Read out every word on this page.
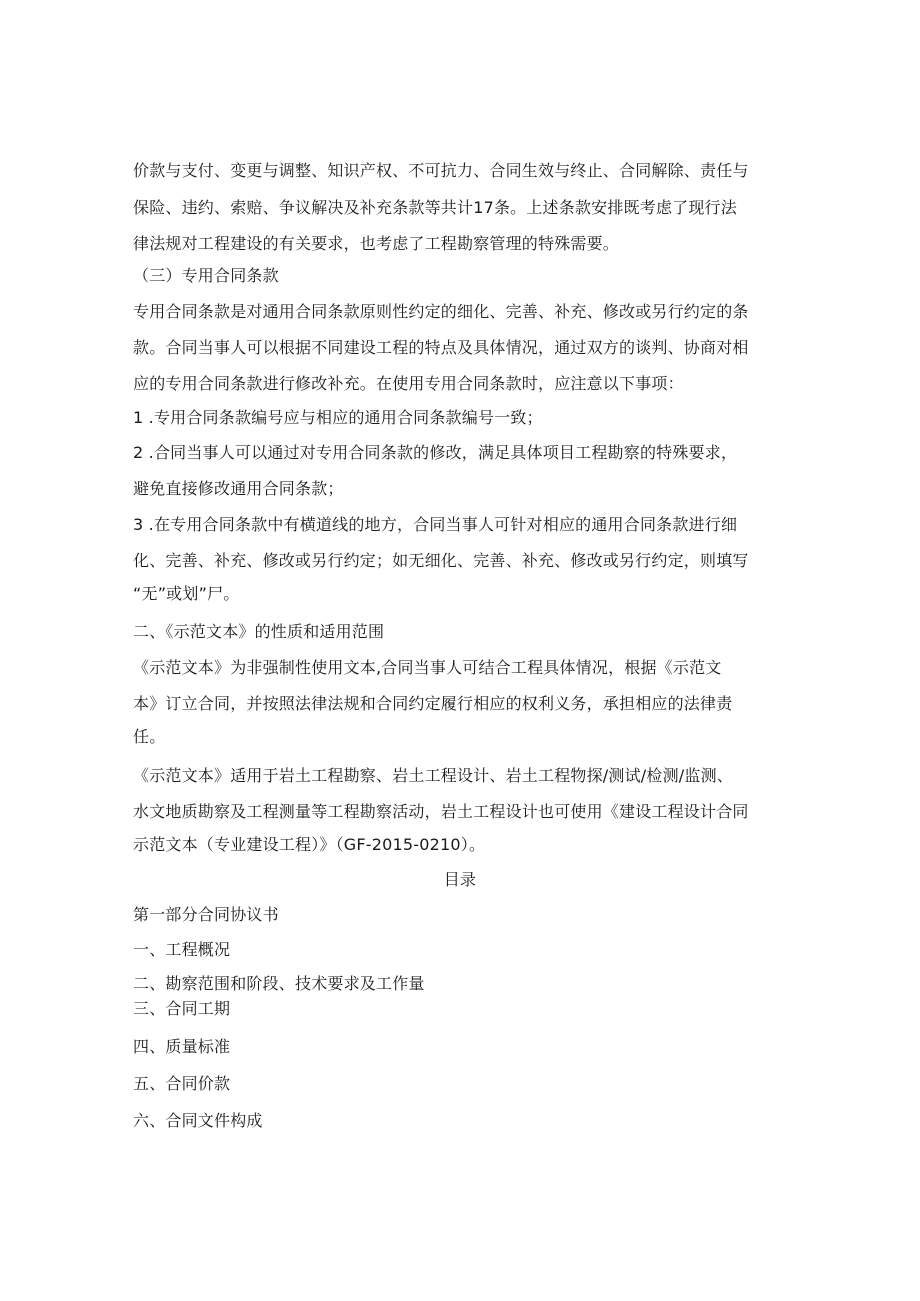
价款与支付、变更与调整、知识产权、不可抗力、合同生效与终止、合同解除、责任与
保险、违约、索赔、争议解决及补充条款等共计17条。上述条款安排既考虑了现行法
律法规对工程建设的有关要求，也考虑了工程勘察管理的特殊需要。
（三）专用合同条款
专用合同条款是对通用合同条款原则性约定的细化、完善、补充、修改或另行约定的条
款。合同当事人可以根据不同建设工程的特点及具体情况，通过双方的谈判、协商对相
应的专用合同条款进行修改补充。在使用专用合同条款时，应注意以下事项：
1 .专用合同条款编号应与相应的通用合同条款编号一致；
2 .合同当事人可以通过对专用合同条款的修改，满足具体项目工程勘察的特殊要求，
避免直接修改通用合同条款；
3 .在专用合同条款中有横道线的地方，合同当事人可针对相应的通用合同条款进行细
化、完善、补充、修改或另行约定；如无细化、完善、补充、修改或另行约定，则填写
“无”或划”尸。
二、《示范文本》的性质和适用范围
《示范文本》为非强制性使用文本,合同当事人可结合工程具体情况，根据《示范文
本》订立合同，并按照法律法规和合同约定履行相应的权利义务，承担相应的法律责
任。
《示范文本》适用于岩土工程勘察、岩土工程设计、岩土工程物探/测试/检测/监测、
水文地质勘察及工程测量等工程勘察活动，岩土工程设计也可使用《建设工程设计合同
示范文本（专业建设工程）》（GF-2015-0210）。
目录
第一部分合同协议书
一、工程概况
二、勘察范围和阶段、技术要求及工作量
三、合同工期
四、质量标准
五、合同价款
六、合同文件构成
